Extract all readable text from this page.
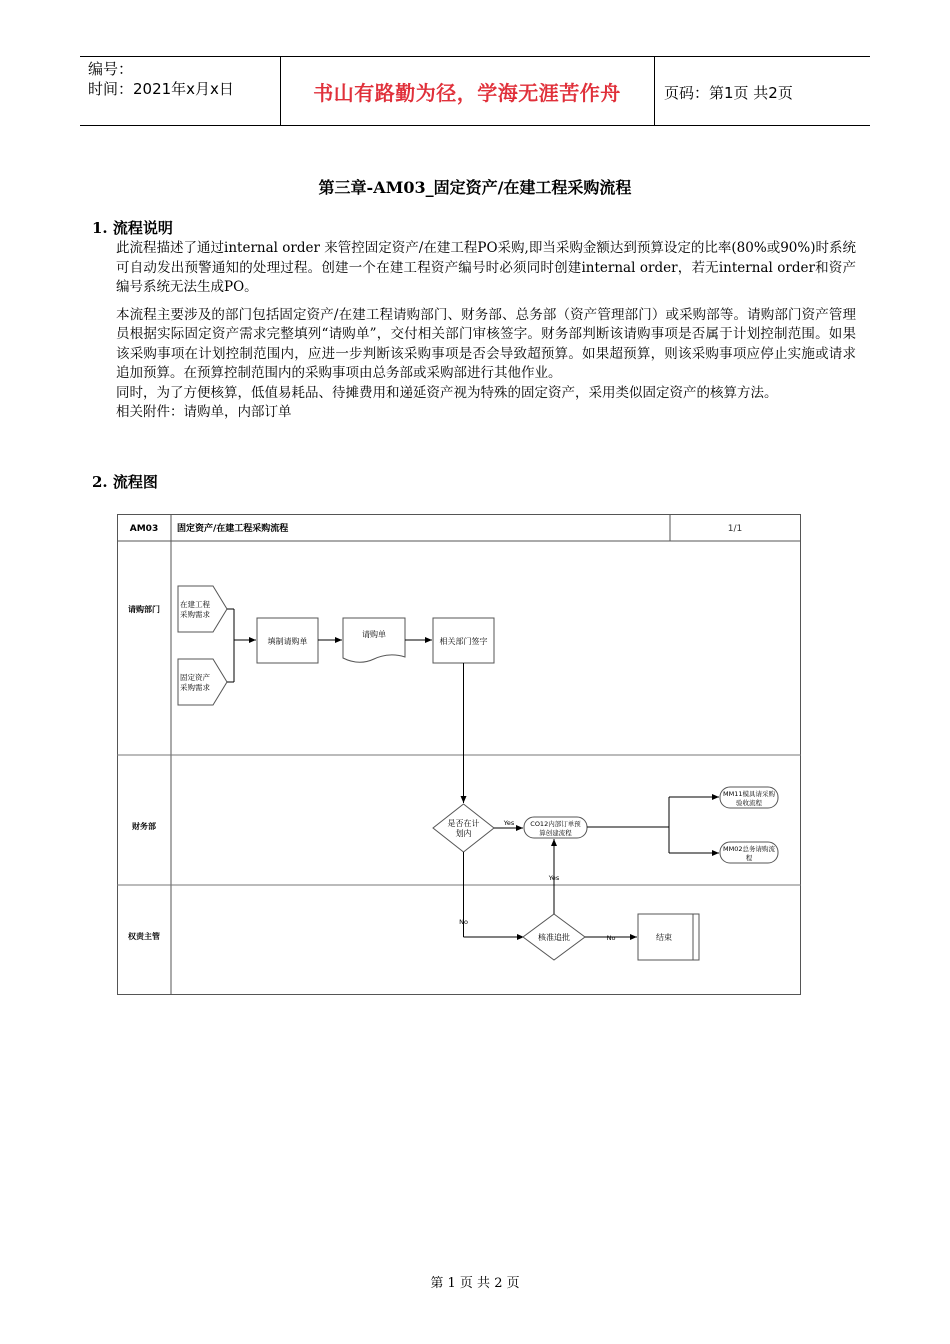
编号：
时间：2021年x月x日	书山有路勤为径，学海无涯苦作舟	页码：第1页 共2页
第三章-AM03_固定资产/在建工程采购流程
1. 流程说明

此流程描述了通过internal order 来管控固定资产/在建工程PO采购,即当采购金额达到预算设定的比率(80%或90%)时系统可自动发出预警通知的处理过程。创建一个在建工程资产编号时必须同时创建internal order，若无internal order和资产编号系统无法生成PO。

本流程主要涉及的部门包括固定资产/在建工程请购部门、财务部、总务部（资产管理部门）或采购部等。请购部门资产管理员根据实际固定资产需求完整填列“请购单”，交付相关部门审核签字。财务部判断该请购事项是否属于计划控制范围。如果该采购事项在计划控制范围内，应进一步判断该采购事项是否会导致超预算。如果超预算，则该采购事项应停止实施或请求追加预算。在预算控制范围内的采购事项由总务部或采购部进行其他作业。

同时，为了方便核算，低值易耗品、待摊费用和递延资产视为特殊的固定资产，采用类似固定资产的核算方法。

相关附件：请购单，内部订单

2. 流程图
AM03 固定资产/在建工程采购流程	1/1
请购部门
财务部
权责主管
在建工程
采购需求
固定资产
采购需求
填制请购单
请购单
相关部门签字
是否在计
划内
Yes CO12内部订单预
算创建流程
MM11模具请采购
验收流程
MM02总务请购流
程
No
核准追批
Yes
No	结束
第 1 页 共 2 页
